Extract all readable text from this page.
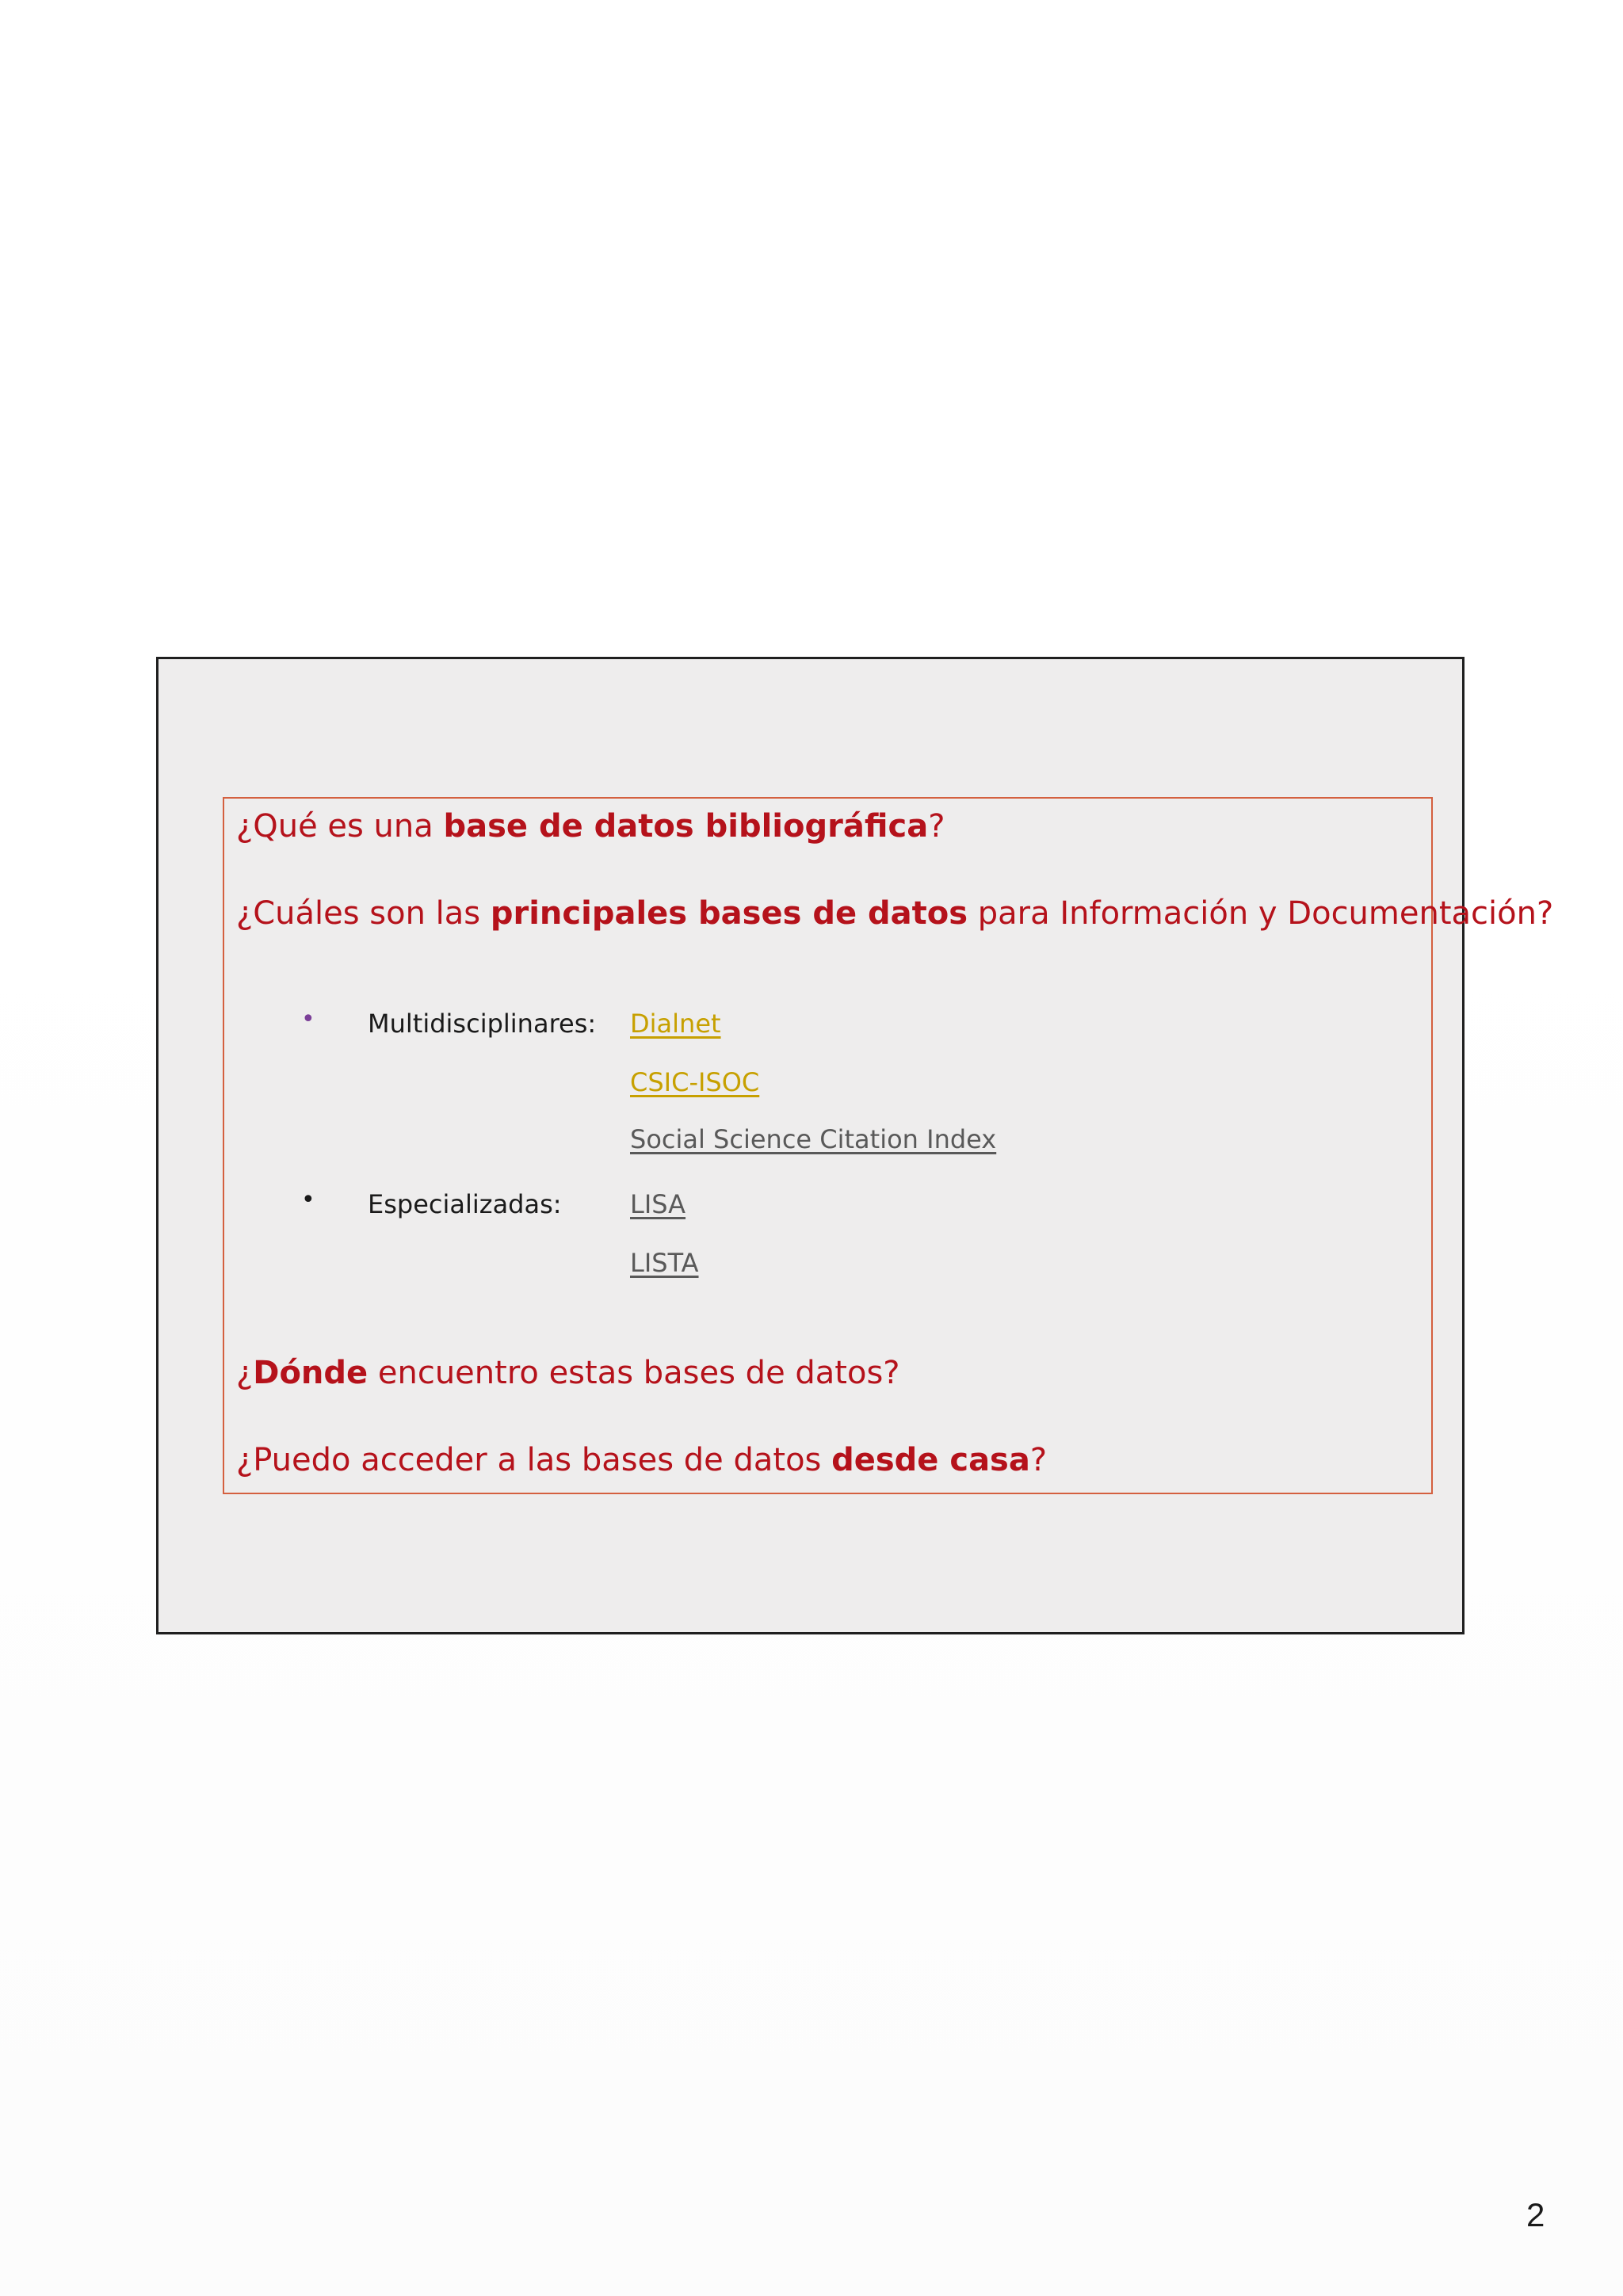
¿Qué es una base de datos bibliográfica?

¿Cuáles son las principales bases de datos para Información y Documentación?

• Multidisciplinares: Dialnet
CSIC-ISOC
Social Science Citation Index
• Especializadas:	LISA
LISTA

¿Dónde encuentro estas bases de datos?

¿Puedo acceder a las bases de datos desde casa?

2
